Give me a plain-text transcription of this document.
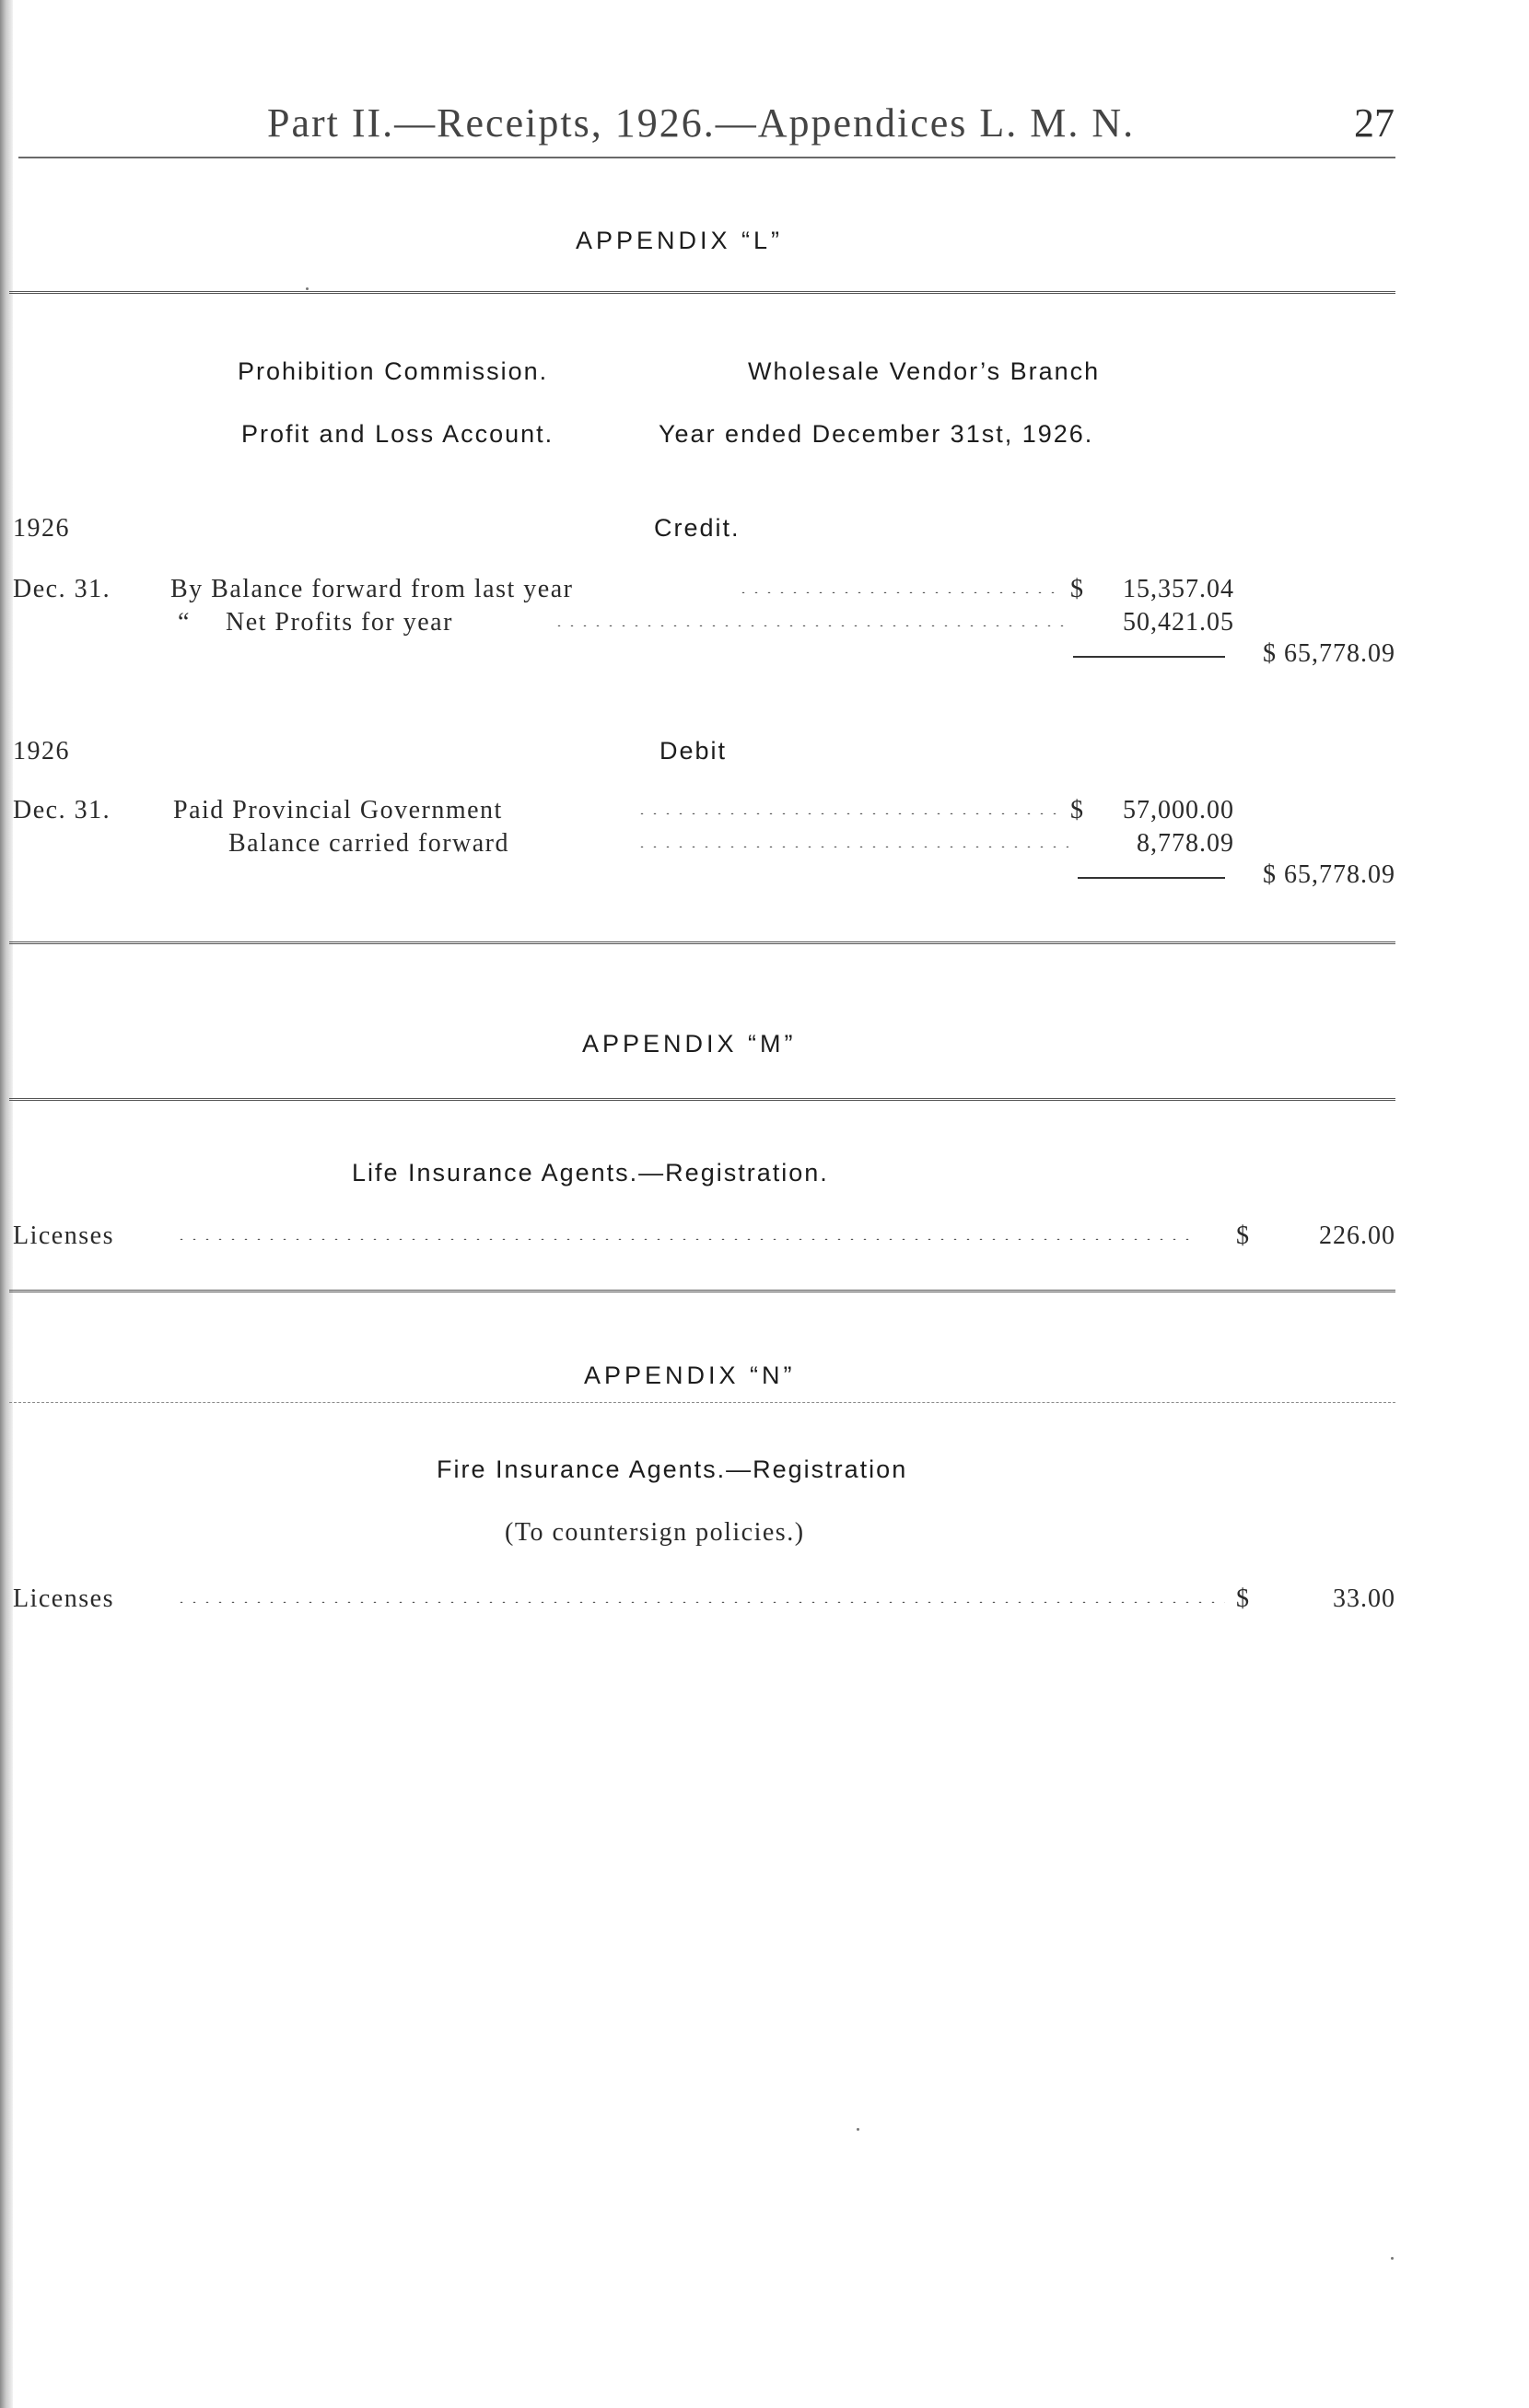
Part II.—Receipts, 1926.—Appendices L. M. N.	27
APPENDIX “L”
Prohibition Commission.	Wholesale Vendor’s Branch
Profit and Loss Account.	Year ended December 31st, 1926.
1926	Credit.
Dec. 31. By Balance forward from last year	$	15,357.04
“ Net Profits for year	50,421.05
$ 65,778.09
1926	Debit
Dec. 31. Paid Provincial Government	$	57,000.00
Balance carried forward	8,778.09
$ 65,778.09
APPENDIX “M”
Life Insurance Agents.—Registration.
Licenses	$	226.00
APPENDIX “N”
Fire Insurance Agents.—Registration
(To countersign policies.)
Licenses	$	33.00
